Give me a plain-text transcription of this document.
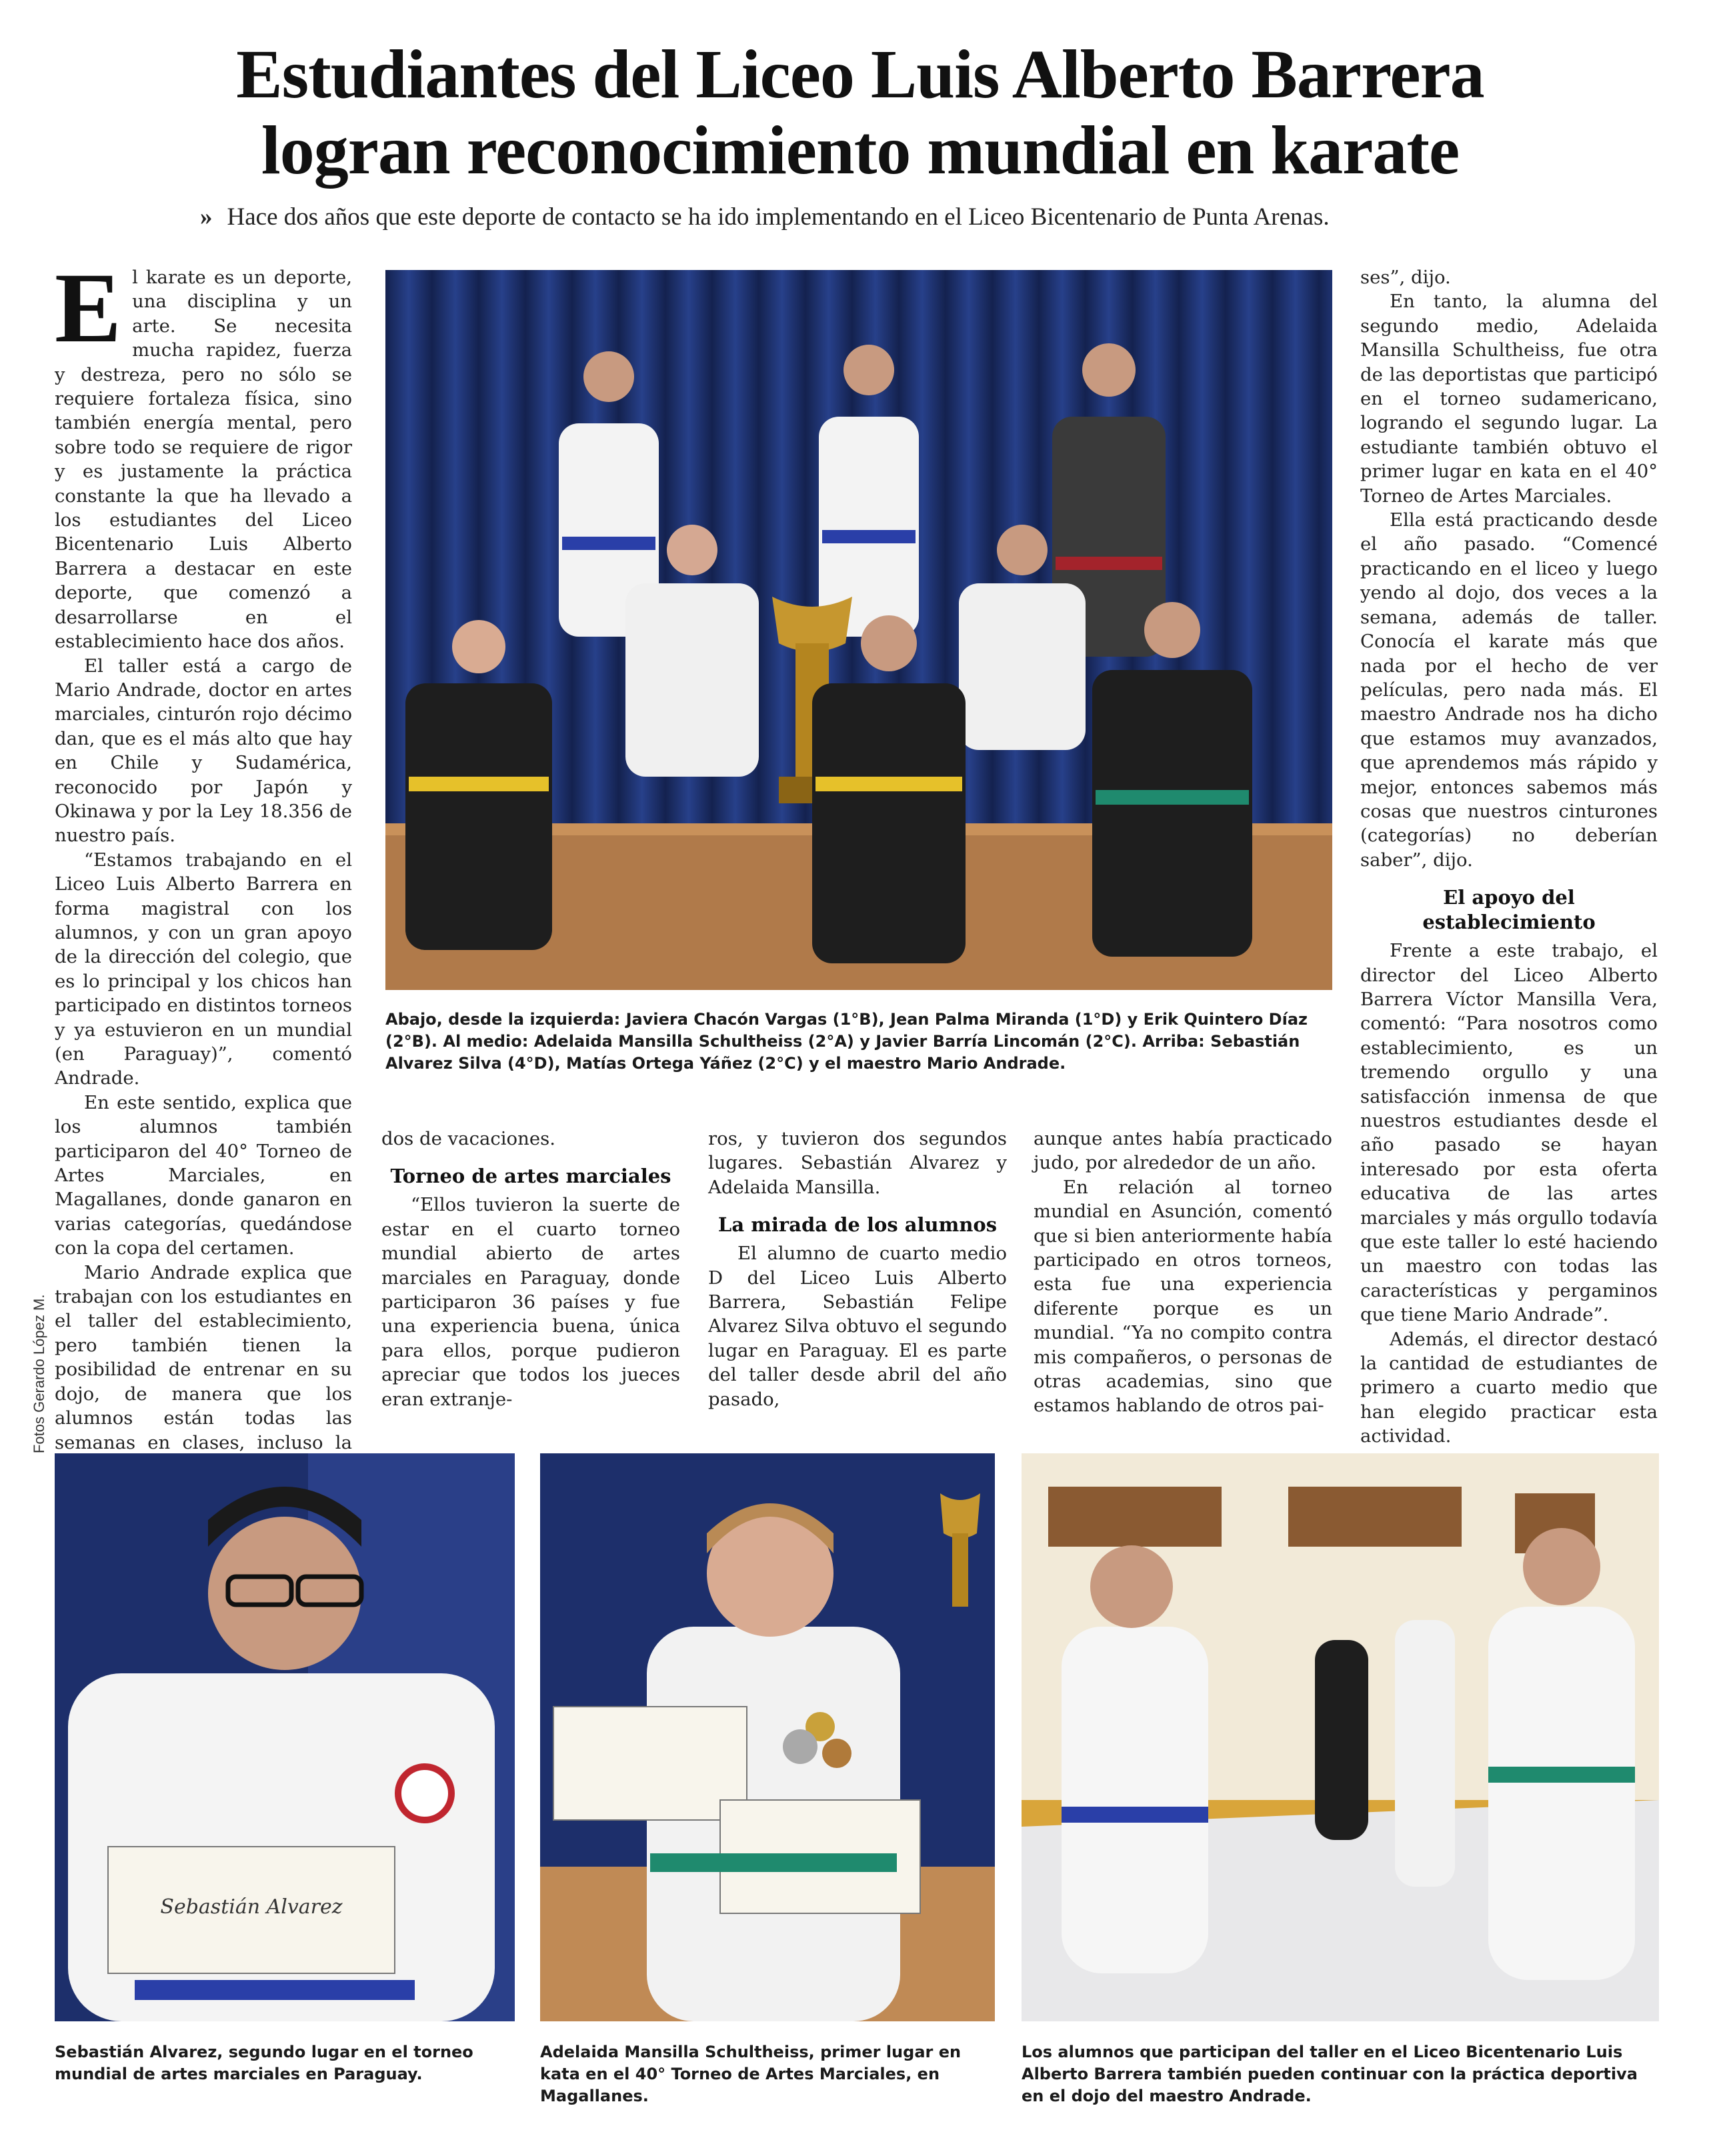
Estudiantes del Liceo Luis Alberto Barrera
logran reconocimiento mundial en karate
» Hace dos años que este deporte de contacto se ha ido implementando en el Liceo Bicentenario de Punta Arenas.

El karate es un deporte, una disciplina y un arte. Se necesita mucha rapidez, fuerza y destreza, pero no sólo se requiere fortaleza física, sino también energía mental, pero sobre todo se requiere de rigor y es justamente la práctica constante la que ha llevado a los estudiantes del Liceo Bicentenario Luis Alberto Barrera a destacar en este deporte, que comenzó a desarrollarse en el establecimiento hace dos años.

El taller está a cargo de Mario Andrade, doctor en artes marciales, cinturón rojo décimo dan, que es el más alto que hay en Chile y Sudamérica, reconocido por Japón y Okinawa y por la Ley 18.356 de nuestro país.

“Estamos trabajando en el Liceo Luis Alberto Barrera en forma magistral con los alumnos, y con un gran apoyo de la dirección del colegio, que es lo principal y los chicos han participado en distintos torneos y ya estuvieron en un mundial (en Paraguay)”, comentó Andrade.

En este sentido, explica que los alumnos también participaron del 40° Torneo de Artes Marciales, en Magallanes, donde ganaron en varias categorías, quedándose con la copa del certamen.

Mario Andrade explica que trabajan con los estudiantes en el taller del establecimiento, pero también tienen la posibilidad de entrenar en su dojo, de manera que los alumnos están todas las semanas en clases, incluso la

Abajo, desde la izquierda: Javiera Chacón Vargas (1°B), Jean Palma Miranda (1°D) y Erik Quintero Díaz (2°B). Al medio: Adelaida Mansilla Schultheiss (2°A) y Javier Barría Lincomán (2°C). Arriba: Sebastián Alvarez Silva (4°D), Matías Ortega Yáñez (2°C) y el maestro Mario Andrade.

dos de vacaciones.

Torneo de artes marciales

“Ellos tuvieron la suerte de estar en el cuarto torneo mundial abierto de artes marciales en Paraguay, donde participaron 36 países y fue una experiencia buena, única para ellos, porque pudieron apreciar que todos los jueces eran extranje-

ros, y tuvieron dos segundos lugares. Sebastián Alvarez y Adelaida Mansilla.

La mirada de los alumnos

El alumno de cuarto medio D del Liceo Luis Alberto Barrera, Sebastián Felipe Alvarez Silva obtuvo el segundo lugar en Paraguay. El es parte del taller desde abril del año pasado,

aunque antes había practicado judo, por alrededor de un año.

En relación al torneo mundial en Asunción, comentó que si bien anteriormente había participado en otros torneos, esta fue una experiencia diferente porque es un mundial. “Ya no compito contra mis compañeros, o personas de otras academias, sino que estamos hablando de otros pai-

ses”, dijo.

En tanto, la alumna del segundo medio, Adelaida Mansilla Schultheiss, fue otra de las deportistas que participó en el torneo sudamericano, logrando el segundo lugar. La estudiante también obtuvo el primer lugar en kata en el 40° Torneo de Artes Marciales.

Ella está practicando desde el año pasado. “Comencé practicando en el liceo y luego yendo al dojo, dos veces a la semana, además de taller. Conocía el karate más que nada por el hecho de ver películas, pero nada más. El maestro Andrade nos ha dicho que estamos muy avanzados, que aprendemos más rápido y mejor, entonces sabemos más cosas que nuestros cinturones (categorías) no deberían saber”, dijo.

El apoyo del establecimiento

Frente a este trabajo, el director del Liceo Alberto Barrera Víctor Mansilla Vera, comentó: “Para nosotros como establecimiento, es un tremendo orgullo y una satisfacción inmensa de que nuestros estudiantes desde el año pasado se hayan interesado por esta oferta educativa de las artes marciales y más orgullo todavía que este taller lo esté haciendo un maestro con todas las características y pergaminos que tiene Mario Andrade”.

Además, el director destacó la cantidad de estudiantes de primero a cuarto medio que han elegido practicar esta actividad.

Fotos Gerardo López M.
Sebastián Alvarez
Sebastián Alvarez, segundo lugar en el torneo mundial de artes marciales en Paraguay.
Adelaida Mansilla Schultheiss, primer lugar en kata en el 40° Torneo de Artes Marciales, en Magallanes.
Los alumnos que participan del taller en el Liceo Bicentenario Luis Alberto Barrera también pueden continuar con la práctica deportiva en el dojo del maestro Andrade.
